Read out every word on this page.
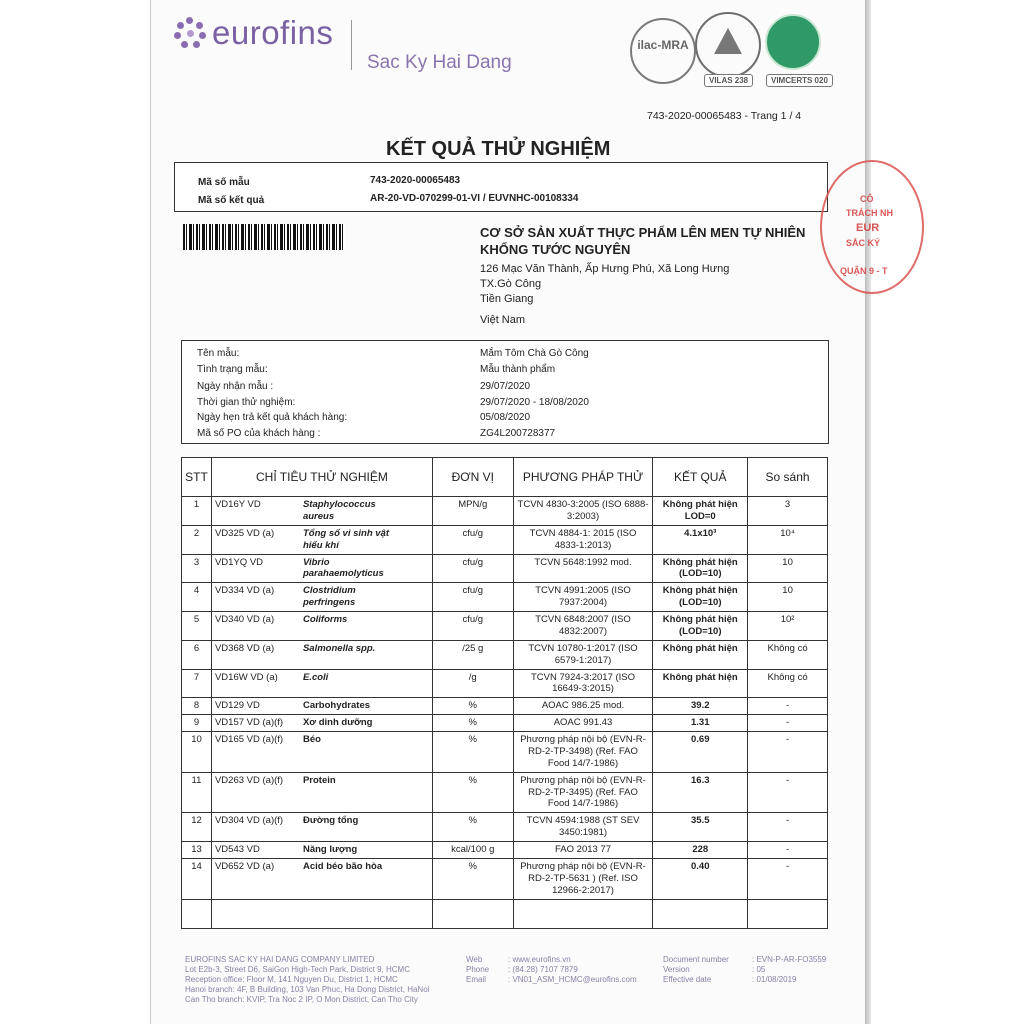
eurofins
Sac Ky Hai Dang
ilac-MRA
VILAS 238	VIMCERTS 020
743-2020-00065483 - Trang 1 / 4
KẾT QUẢ THỬ NGHIỆM
Mã số mẫu	743-2020-00065483
Mã số kết quả	AR-20-VD-070299-01-VI / EUVNHC-00108334
CƠ SỞ SẢN XUẤT THỰC PHẨM LÊN MEN TỰ NHIÊN
KHỔNG TƯỚC NGUYÊN
126 Mạc Văn Thành, Ấp Hưng Phú, Xã Long Hưng
TX.Gò Công
Tiền Giang
Việt Nam
CÔ
TRÁCH NH
EUR
SẮC KÝ
QUẬN 9 - T
Tên mẫu:	Mắm Tôm Chà Gò Công
Tình trạng mẫu:	Mẫu thành phẩm
Ngày nhận mẫu :	29/07/2020
Thời gian thử nghiệm:	29/07/2020 - 18/08/2020
Ngày hẹn trả kết quả khách hàng:	05/08/2020
Mã số PO của khách hàng :	ZG4L200728377
STT	CHỈ TIÊU THỬ NGHIỆM	ĐƠN VỊ	PHƯƠNG PHÁP THỬ	KẾT QUẢ	So sánh
1	VD16Y VD Staphylococcus aureus	MPN/g	TCVN 4830-3:2005 (ISO 6888-3:2003)	Không phát hiện LOD=0	3
2	VD325 VD (a) Tổng số vi sinh vật hiếu khí	cfu/g	TCVN 4884-1: 2015 (ISO 4833-1:2013)	4.1x10³	10⁴
3	VD1YQ VD Vibrio parahaemolyticus	cfu/g	TCVN 5648:1992 mod.	Không phát hiện (LOD=10)	10
4	VD334 VD (a) Clostridium perfringens	cfu/g	TCVN 4991:2005 (ISO 7937:2004)	Không phát hiện (LOD=10)	10
5	VD340 VD (a) Coliforms	cfu/g	TCVN 6848:2007 (ISO 4832:2007)	Không phát hiện (LOD=10)	10²
6	VD368 VD (a) Salmonella spp.	/25 g	TCVN 10780-1:2017 (ISO 6579-1:2017)	Không phát hiện	Không có
7	VD16W VD (a) E.coli	/g	TCVN 7924-3:2017 (ISO 16649-3:2015)	Không phát hiện	Không có
8	VD129 VD Carbohydrates	%	AOAC 986.25 mod.	39.2	-
9	VD157 VD (a)(f) Xơ dinh dưỡng	%	AOAC 991.43	1.31	-
10	VD165 VD (a)(f) Béo	%	Phương pháp nội bộ (EVN-R-RD-2-TP-3498) (Ref. FAO Food 14/7-1986)	0.69	-
11	VD263 VD (a)(f) Protein	%	Phương pháp nội bộ (EVN-R-RD-2-TP-3495) (Ref. FAO Food 14/7-1986)	16.3	-
12	VD304 VD (a)(f) Đường tổng	%	TCVN 4594:1988 (ST SEV 3450:1981)	35.5	-
13	VD543 VD Năng lượng	kcal/100 g	FAO 2013 77	228	-
14	VD652 VD (a) Acid béo bão hòa	%	Phương pháp nội bộ (EVN-R-RD-2-TP-5631 ) (Ref. ISO 12966-2:2017)	0.40	-

EUROFINS SAC KY HAI DANG COMPANY LIMITED
Lot E2b-3, Street D6, SaiGon High-Tech Park, District 9, HCMC
Reception office: Floor M, 141 Nguyen Du, District 1, HCMC
Hanoi branch: 4F, B Building, 103 Van Phuc, Ha Dong District, HaNoi
Can Tho branch: KVIP, Tra Noc 2 IP, O Mon District, Can Tho City
Web
Phone
Email
: www.eurofins.vn
: (84.28) 7107 7879
: VN01_ASM_HCMC@eurofins.com
Document number
Version
Effective date
: EVN-P-AR-FO3559
: 05
: 01/08/2019
